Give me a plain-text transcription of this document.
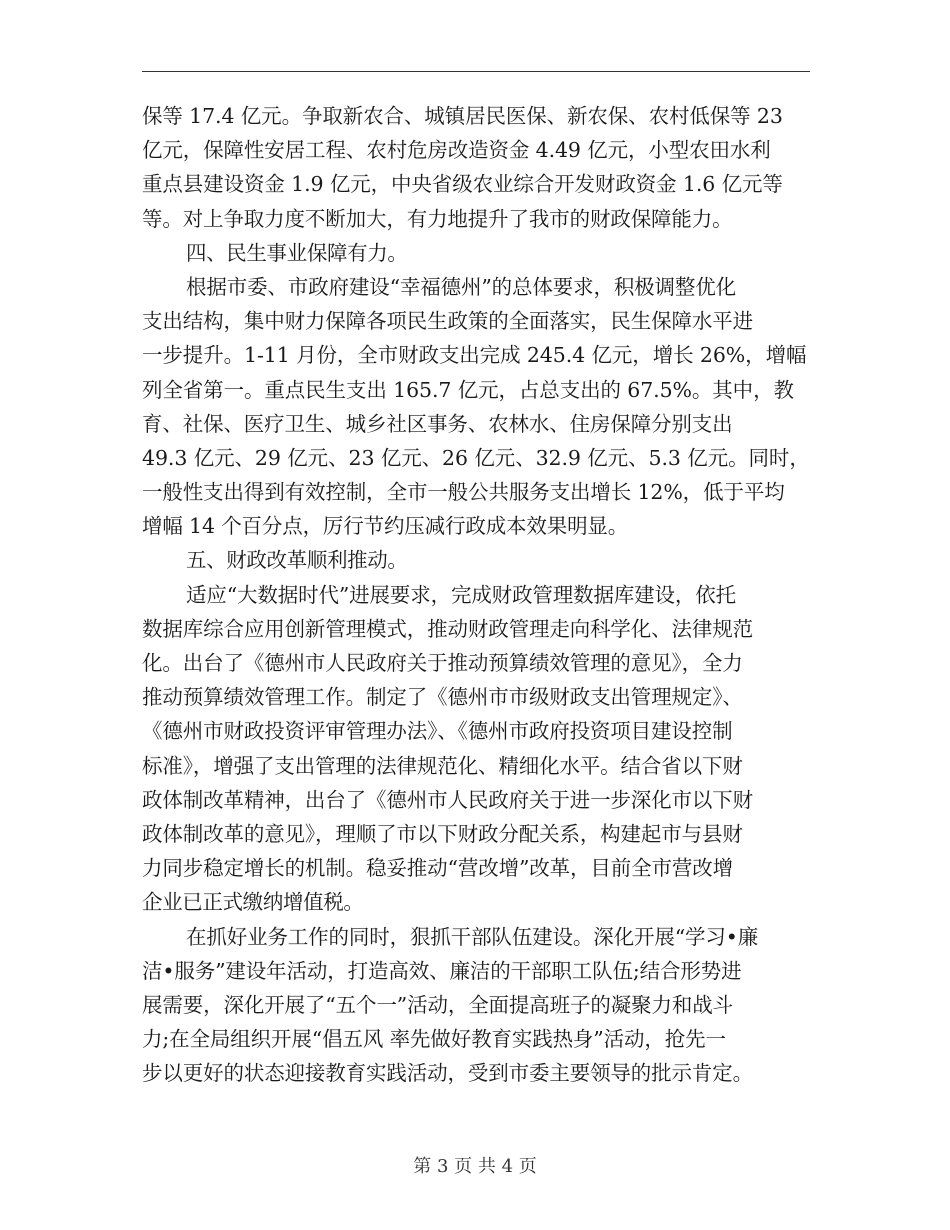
保等 17.4 亿元。争取新农合、城镇居民医保、新农保、农村低保等 23
亿元，保障性安居工程、农村危房改造资金 4.49 亿元，小型农田水利
重点县建设资金 1.9 亿元，中央省级农业综合开发财政资金 1.6 亿元等
等。对上争取力度不断加大，有力地提升了我市的财政保障能力。
四、民生事业保障有力。
根据市委、市政府建设“幸福德州”的总体要求，积极调整优化
支出结构，集中财力保障各项民生政策的全面落实，民生保障水平进
一步提升。1-11 月份，全市财政支出完成 245.4 亿元，增长 26%，增幅
列全省第一。重点民生支出 165.7 亿元，占总支出的 67.5%。其中，教
育、社保、医疗卫生、城乡社区事务、农林水、住房保障分别支出
49.3 亿元、29 亿元、23 亿元、26 亿元、32.9 亿元、5.3 亿元。同时，
一般性支出得到有效控制，全市一般公共服务支出增长 12%，低于平均
增幅 14 个百分点，厉行节约压减行政成本效果明显。
五、财政改革顺利推动。
适应“大数据时代”进展要求，完成财政管理数据库建设，依托
数据库综合应用创新管理模式，推动财政管理走向科学化、法律规范
化。出台了《德州市人民政府关于推动预算绩效管理的意见》，全力
推动预算绩效管理工作。制定了《德州市市级财政支出管理规定》、
《德州市财政投资评审管理办法》、《德州市政府投资项目建设控制
标准》，增强了支出管理的法律规范化、精细化水平。结合省以下财
政体制改革精神，出台了《德州市人民政府关于进一步深化市以下财
政体制改革的意见》，理顺了市以下财政分配关系，构建起市与县财
力同步稳定增长的机制。稳妥推动“营改增”改革，目前全市营改增
企业已正式缴纳增值税。
在抓好业务工作的同时，狠抓干部队伍建设。深化开展“学习•廉
洁•服务”建设年活动，打造高效、廉洁的干部职工队伍;结合形势进
展需要，深化开展了“五个一”活动，全面提高班子的凝聚力和战斗
力;在全局组织开展“倡五风 率先做好教育实践热身”活动，抢先一
步以更好的状态迎接教育实践活动，受到市委主要领导的批示肯定。
第 3 页 共 4 页
